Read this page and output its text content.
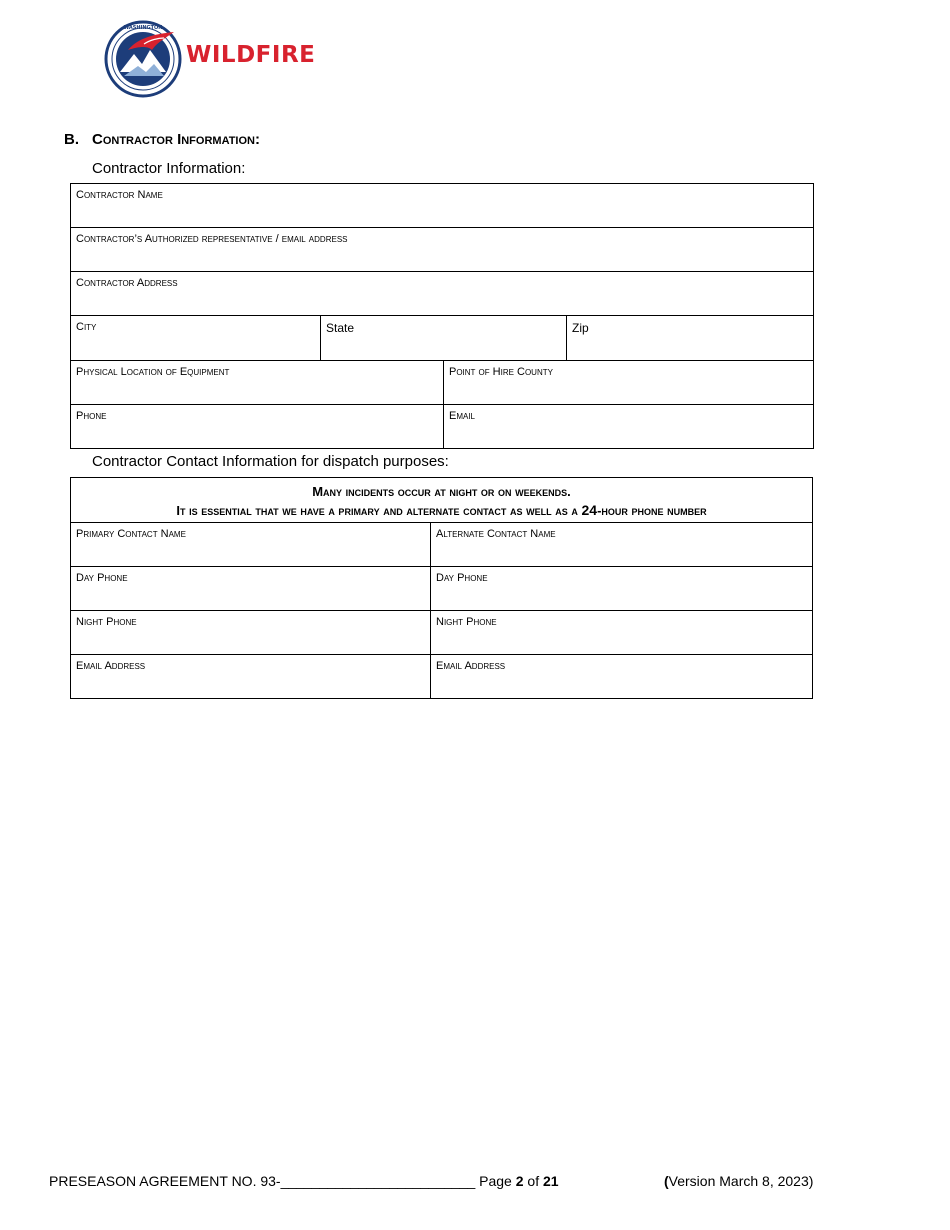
WASHINGTON
WILDFIRE
B. Contractor Information:
Contractor Information:
Contractor Name			
Contractor’s Authorized representative / email address			
Contractor Address			
City	State		Zip
Physical Location of Equipment		Point of Hire County	
Phone		Email	
Contractor Contact Information for dispatch purposes:
Many incidents occur at night or on weekends.
It is essential that we have a primary and alternate contact as well as a 24-hour phone number	

Primary Contact Name	Alternate Contact Name
Day Phone	Day Phone
Night Phone	Night Phone
Email Address	Email Address
PRESEASON AGREEMENT NO. 93-_________________________ Page 2 of 21	(Version March 8, 2023)
